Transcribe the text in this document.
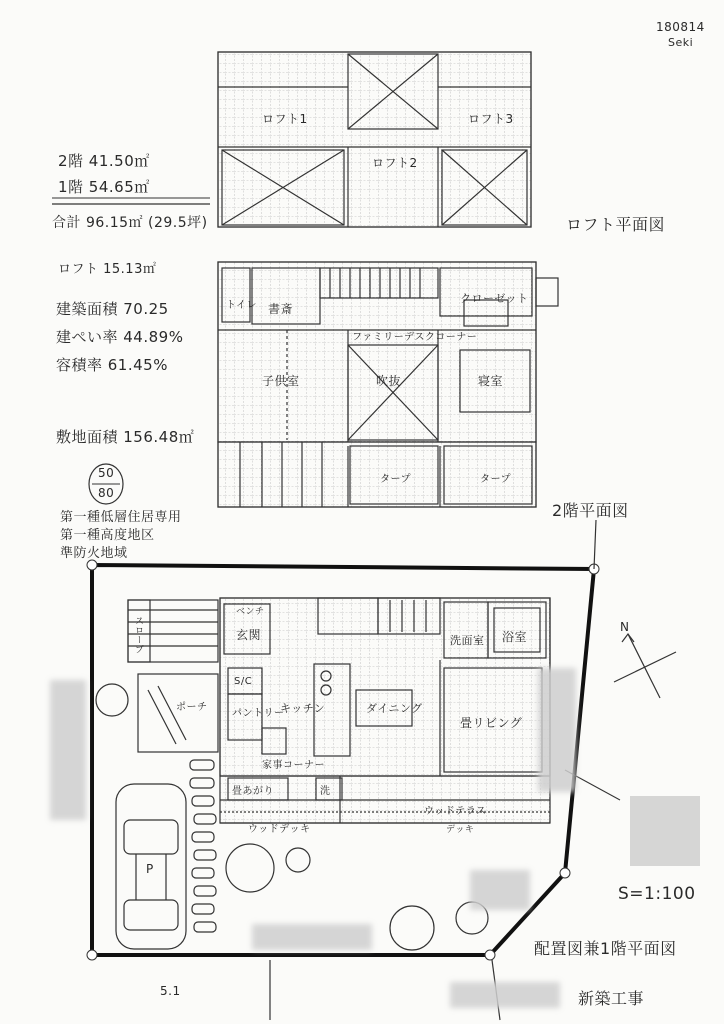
180814
Seki
2階 41.50㎡
1階 54.65㎡
合計 96.15㎡ (29.5坪)
ロフト 15.13㎡
建築面積 70.25
建ぺい率 44.89%
容積率 61.45%
敷地面積 156.48㎡
50
80
第一種低層住居専用
第一種高度地区
準防火地域
ロフト1
ロフト2
ロフト3
ロフト平面図
トイレ 書斎
クローゼット
ファミリーデスクコーナー
子供室	吹抜	寝室
タープ	タープ
2階平面図
玄関
ベンチ
S/C
パントリー
キッチン	ダイニング
畳リビング
洗面室 浴室
家事コーナー
畳あがり	洗
ポーチ
ウッドデッキ
ウッドテラス
デッキ
スロープ
P
N
S=1:100
配置図兼1階平面図
5.1	新築工事
